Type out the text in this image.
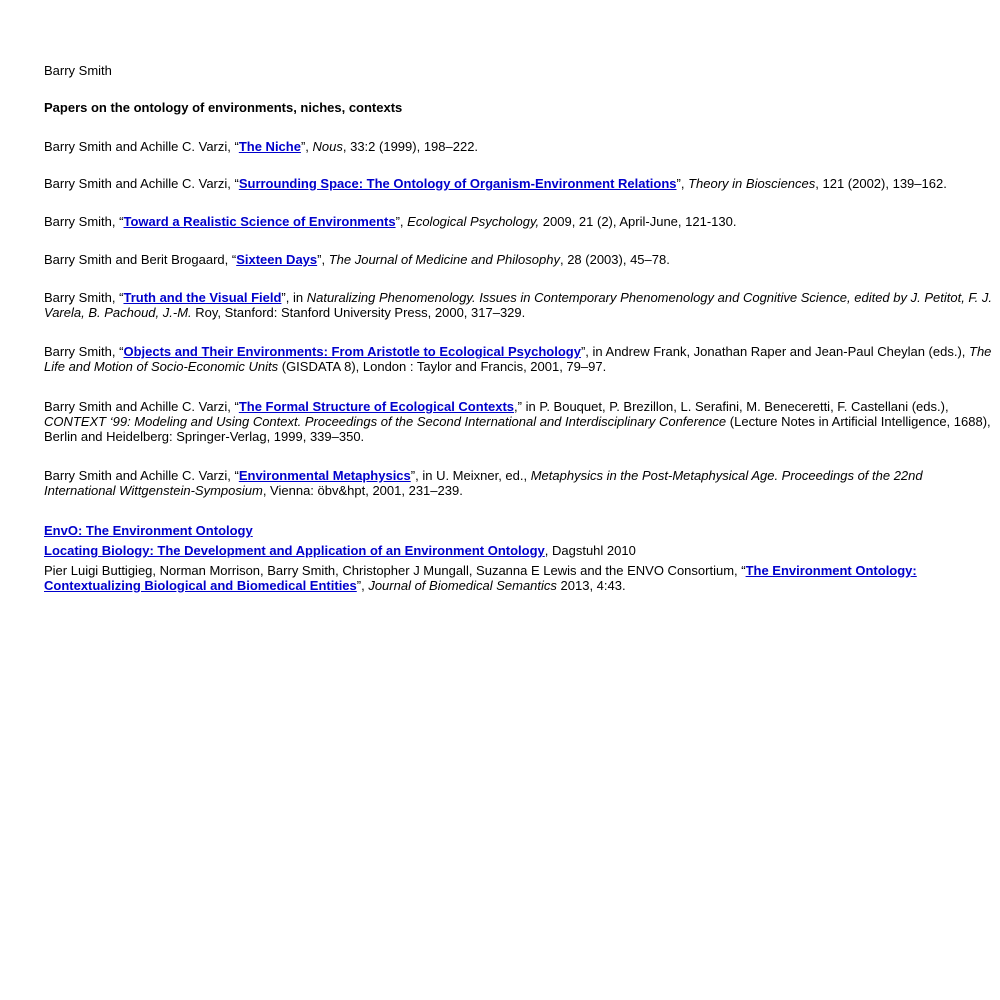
Barry Smith
Papers on the ontology of environments, niches, contexts
Barry Smith and Achille C. Varzi, “The Niche”, Nous, 33:2 (1999), 198–222.
Barry Smith and Achille C. Varzi, “Surrounding Space: The Ontology of Organism-Environment Relations”, Theory in Biosciences, 121 (2002), 139–162.
Barry Smith, “Toward a Realistic Science of Environments”, Ecological Psychology, 2009, 21 (2), April-June, 121-130.
Barry Smith and Berit Brogaard, “Sixteen Days”, The Journal of Medicine and Philosophy, 28 (2003), 45–78.
Barry Smith, “Truth and the Visual Field”, in Naturalizing Phenomenology. Issues in Contemporary Phenomenology and Cognitive Science, edited by J. Petitot, F. J. Varela, B. Pachoud, J.-M. Roy, Stanford: Stanford University Press, 2000, 317–329.
Barry Smith, “Objects and Their Environments: From Aristotle to Ecological Psychology”, in Andrew Frank, Jonathan Raper and Jean-Paul Cheylan (eds.), The Life and Motion of Socio-Economic Units (GISDATA 8), London : Taylor and Francis, 2001, 79–97.
Barry Smith and Achille C. Varzi, “The Formal Structure of Ecological Contexts,” in P. Bouquet, P. Brezillon, L. Serafini, M. Beneceretti, F. Castellani (eds.), CONTEXT ‘99: Modeling and Using Context. Proceedings of the Second International and Interdisciplinary Conference (Lecture Notes in Artificial Intelligence, 1688), Berlin and Heidelberg: Springer-Verlag, 1999, 339–350.
Barry Smith and Achille C. Varzi, “Environmental Metaphysics”, in U. Meixner, ed., Metaphysics in the Post-Metaphysical Age. Proceedings of the 22nd International Wittgenstein-Symposium, Vienna: öbv&hpt, 2001, 231–239.
EnvO: The Environment Ontology
Locating Biology: The Development and Application of an Environment Ontology, Dagstuhl 2010
Pier Luigi Buttigieg, Norman Morrison, Barry Smith, Christopher J Mungall, Suzanna E Lewis and the ENVO Consortium, “The Environment Ontology: Contextualizing Biological and Biomedical Entities”, Journal of Biomedical Semantics 2013, 4:43.
